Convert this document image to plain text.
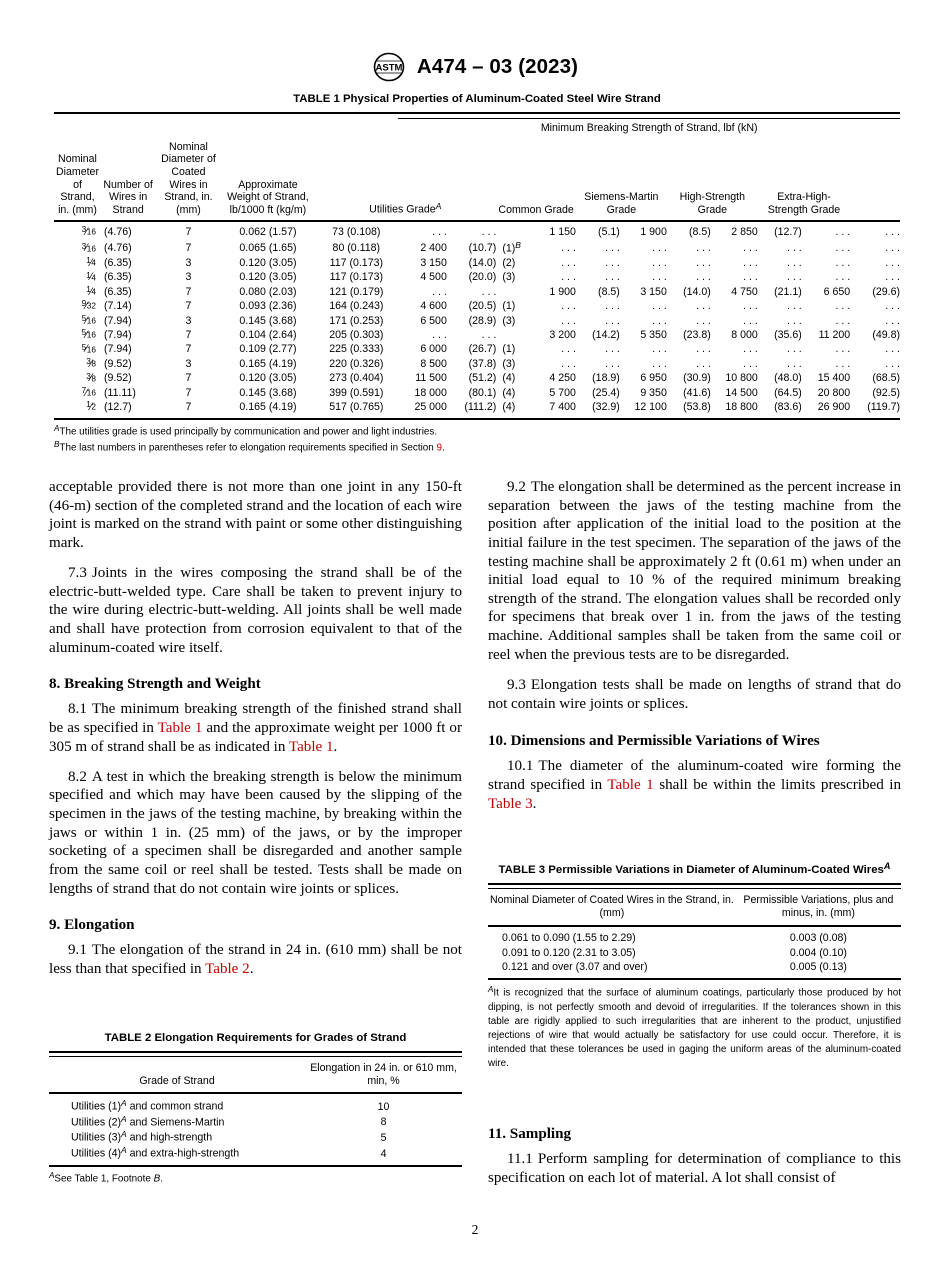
ASTM A474 – 03 (2023)
TABLE 1 Physical Properties of Aluminum-Coated Steel Wire Strand

					Minimum Breaking Strength of Strand, lbf (kN)										
Nominal Diameter of Strand, in. (mm)	Number of Wires in Strand	Nominal Diameter of Coated Wires in Strand, in. (mm)	Approximate Weight of Strand, lb/1000 ft (kg/m)	Utilities Grade$^A$			Common Grade		Siemens-Martin Grade		High-Strength Grade		Extra-High-Strength Grade		
$^3⁄_{16}$	(4.76)	7	0.062 (1.57)	73 (0.108)	. . .	. . .		1 150	(5.1)	1 900	(8.5)	2 850	(12.7)	. . .	. . .
$^3⁄_{16}$	(4.76)	7	0.065 (1.65)	80 (0.118)	2 400	(10.7)	(1)$^B$	. . .	. . .	. . .	. . .	. . .	. . .	. . .	. . .
$^1⁄_4$	(6.35)	3	0.120 (3.05)	117 (0.173)	3 150	(14.0)	(2)	. . .	. . .	. . .	. . .	. . .	. . .	. . .	. . .
$^1⁄_4$	(6.35)	3	0.120 (3.05)	117 (0.173)	4 500	(20.0)	(3)	. . .	. . .	. . .	. . .	. . .	. . .	. . .	. . .
$^1⁄_4$	(6.35)	7	0.080 (2.03)	121 (0.179)	. . .	. . .		1 900	(8.5)	3 150	(14.0)	4 750	(21.1)	6 650	(29.6)
$^9⁄_{32}$	(7.14)	7	0.093 (2.36)	164 (0.243)	4 600	(20.5)	(1)	. . .	. . .	. . .	. . .	. . .	. . .	. . .	. . .
$^5⁄_{16}$	(7.94)	3	0.145 (3.68)	171 (0.253)	6 500	(28.9)	(3)	. . .	. . .	. . .	. . .	. . .	. . .	. . .	. . .
$^5⁄_{16}$	(7.94)	7	0.104 (2.64)	205 (0.303)	. . .	. . .		3 200	(14.2)	5 350	(23.8)	8 000	(35.6)	11 200	(49.8)
$^5⁄_{16}$	(7.94)	7	0.109 (2.77)	225 (0.333)	6 000	(26.7)	(1)	. . .	. . .	. . .	. . .	. . .	. . .	. . .	. . .
$^3⁄_8$	(9.52)	3	0.165 (4.19)	220 (0.326)	8 500	(37.8)	(3)	. . .	. . .	. . .	. . .	. . .	. . .	. . .	. . .
$^3⁄_8$	(9.52)	7	0.120 (3.05)	273 (0.404)	11 500	(51.2)	(4)	4 250	(18.9)	6 950	(30.9)	10 800	(48.0)	15 400	(68.5)
$^7⁄_{16}$	(11.11)	7	0.145 (3.68)	399 (0.591)	18 000	(80.1)	(4)	5 700	(25.4)	9 350	(41.6)	14 500	(64.5)	20 800	(92.5)
$^1⁄_2$	(12.7)	7	0.165 (4.19)	517 (0.765)	25 000	(111.2)	(4)	7 400	(32.9)	12 100	(53.8)	18 800	(83.6)	26 900	(119.7)

$^A$The utilities grade is used principally by communication and power and light industries.

$^B$The last numbers in parentheses refer to elongation requirements specified in Section 9.

acceptable provided there is not more than one joint in any 150-ft (46-m) section of the completed strand and the location of each wire joint is marked on the strand with paint or some other distinguishing mark.

7.3 Joints in the wires composing the strand shall be of the electric-butt-welded type. Care shall be taken to prevent injury to the wire during electric-butt-welding. All joints shall be well made and shall have protection from corrosion equivalent to that of the aluminum-coated wire itself.

8. Breaking Strength and Weight

8.1 The minimum breaking strength of the finished strand shall be as specified in Table 1 and the approximate weight per 1000 ft or 305 m of strand shall be as indicated in Table 1.

8.2 A test in which the breaking strength is below the minimum specified and which may have been caused by the slipping of the specimen in the jaws of the testing machine, by breaking within the jaws or within 1 in. (25 mm) of the jaws, or by the improper socketing of a specimen shall be disregarded and another sample from the same coil or reel shall be tested. Tests shall be made on lengths of strand that do not contain wire joints or splices.

9. Elongation

9.1 The elongation of the strand in 24 in. (610 mm) shall be not less than that specified in Table 2.

9.2 The elongation shall be determined as the percent increase in separation between the jaws of the testing machine from the position after application of the initial load to the position at the initial failure in the test specimen. The separation of the jaws of the testing machine shall be approximately 2 ft (0.61 m) when under an initial load equal to 10 % of the required minimum breaking strength of the strand. The elongation values shall be recorded only for specimens that break over 1 in. from the jaws of the testing machine. Additional samples shall be taken from the same coil or reel when the previous tests are to be disregarded.

9.3 Elongation tests shall be made on lengths of strand that do not contain wire joints or splices.

10. Dimensions and Permissible Variations of Wires

10.1 The diameter of the aluminum-coated wire forming the strand specified in Table 1 shall be within the limits prescribed in Table 3.

TABLE 2 Elongation Requirements for Grades of Strand

Grade of Strand	Elongation in 24 in. or 610 mm, min, %
Utilities (1)$^A$ and common strand	10
Utilities (2)$^A$ and Siemens-Martin	8
Utilities (3)$^A$ and high-strength	5
Utilities (4)$^A$ and extra-high-strength	4

$^A$See Table 1, Footnote B.

TABLE 3 Permissible Variations in Diameter of Aluminum-Coated Wires$^A$

Nominal Diameter of Coated Wires in the Strand, in. (mm)	Permissible Variations, plus and minus, in. (mm)
0.061 to 0.090 (1.55 to 2.29)	0.003 (0.08)
0.091 to 0.120 (2.31 to 3.05)	0.004 (0.10)
0.121 and over (3.07 and over)	0.005 (0.13)

$^A$It is recognized that the surface of aluminum coatings, particularly those produced by hot dipping, is not perfectly smooth and devoid of irregularities. If the tolerances shown in this table are rigidly applied to such irregularities that are inherent to the product, unjustified rejections of wire that would actually be satisfactory for use could occur. Therefore, it is intended that these tolerances be used in gaging the uniform areas of the aluminum-coated wire.

11. Sampling

11.1 Perform sampling for determination of compliance to this specification on each lot of material. A lot shall consist of

2
